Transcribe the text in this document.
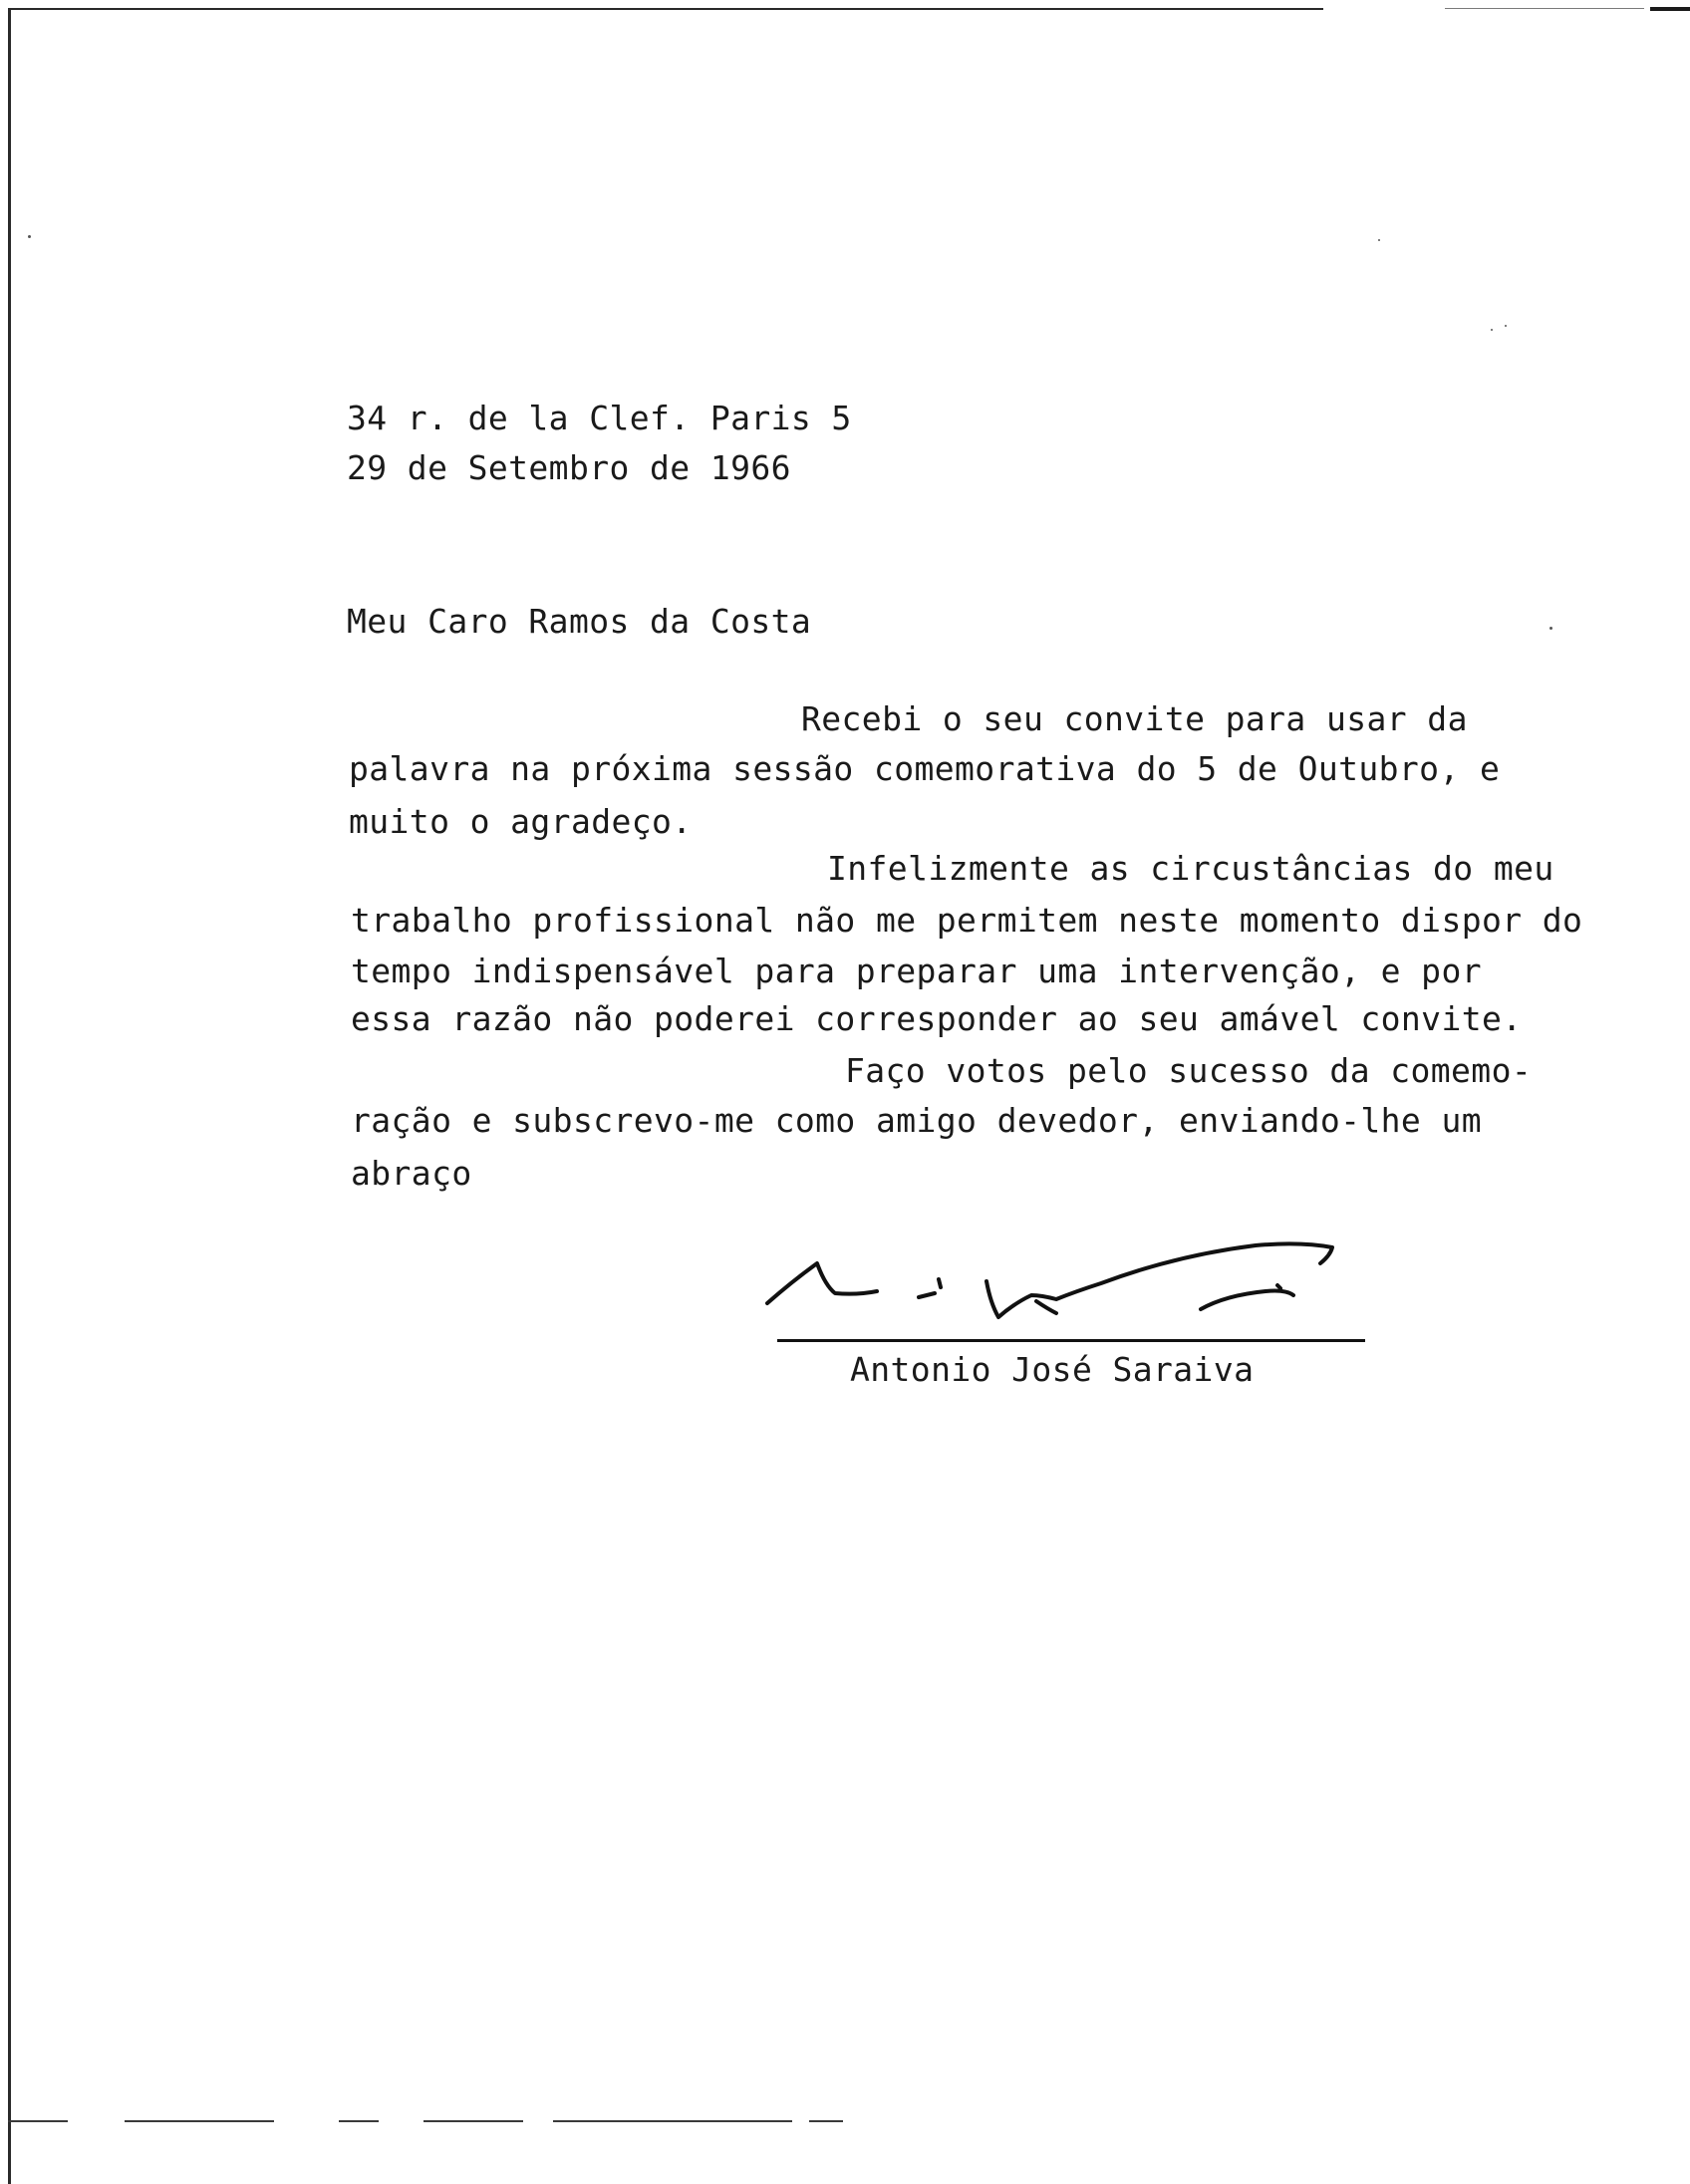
34 r. de la Clef. Paris 5
29 de Setembro de 1966
Meu Caro Ramos da Costa
Recebi o seu convite para usar da
palavra na próxima sessão comemorativa do 5 de Outubro, e
muito o agradeço.
Infelizmente as circustâncias do meu
trabalho profissional não me permitem neste momento dispor do
tempo indispensável para preparar uma intervenção, e por
essa razão não poderei corresponder ao seu amável convite.
Faço votos pelo sucesso da comemo-
ração e subscrevo-me como amigo devedor, enviando-lhe um
abraço
Antonio José Saraiva
